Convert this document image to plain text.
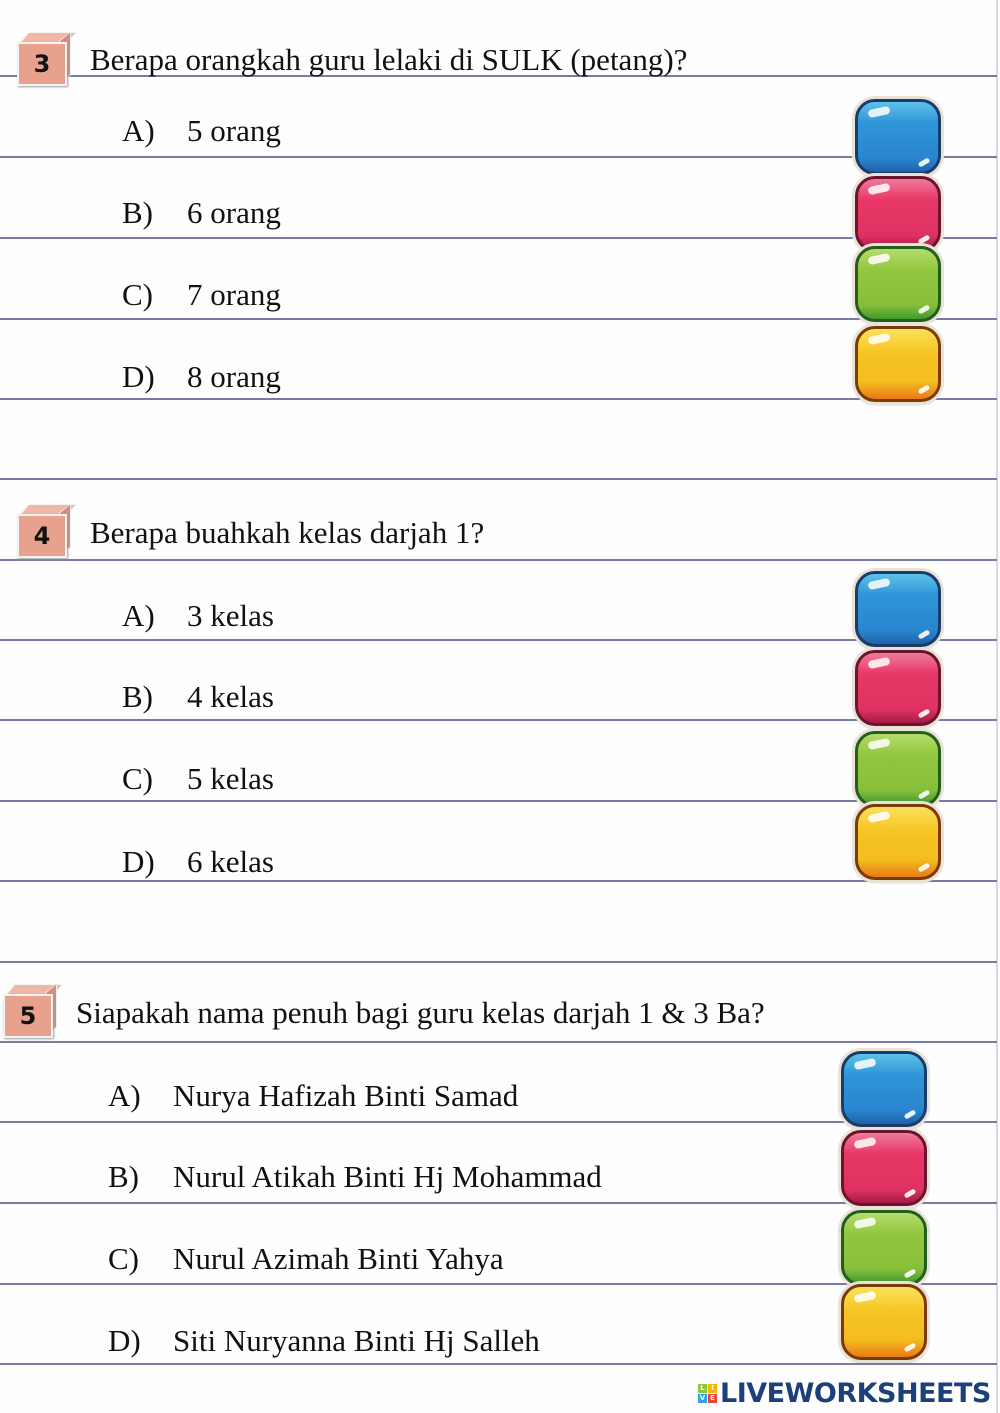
3	Berapa orangkah guru lelaki di SULK (petang)?
A) 5 orang
B) 6 orang
C) 7 orang
D) 8 orang
4	Berapa buahkah kelas darjah 1?
A) 3 kelas
B) 4 kelas
C) 5 kelas
D) 6 kelas
5	Siapakah nama penuh bagi guru kelas darjah 1 & 3 Ba?
A) Nurya Hafizah Binti Samad
B) Nurul Atikah Binti Hj Mohammad
C) Nurul Azimah Binti Yahya
D) Siti Nuryanna Binti Hj Salleh
L I
V E LIVEWORKSHEETS
